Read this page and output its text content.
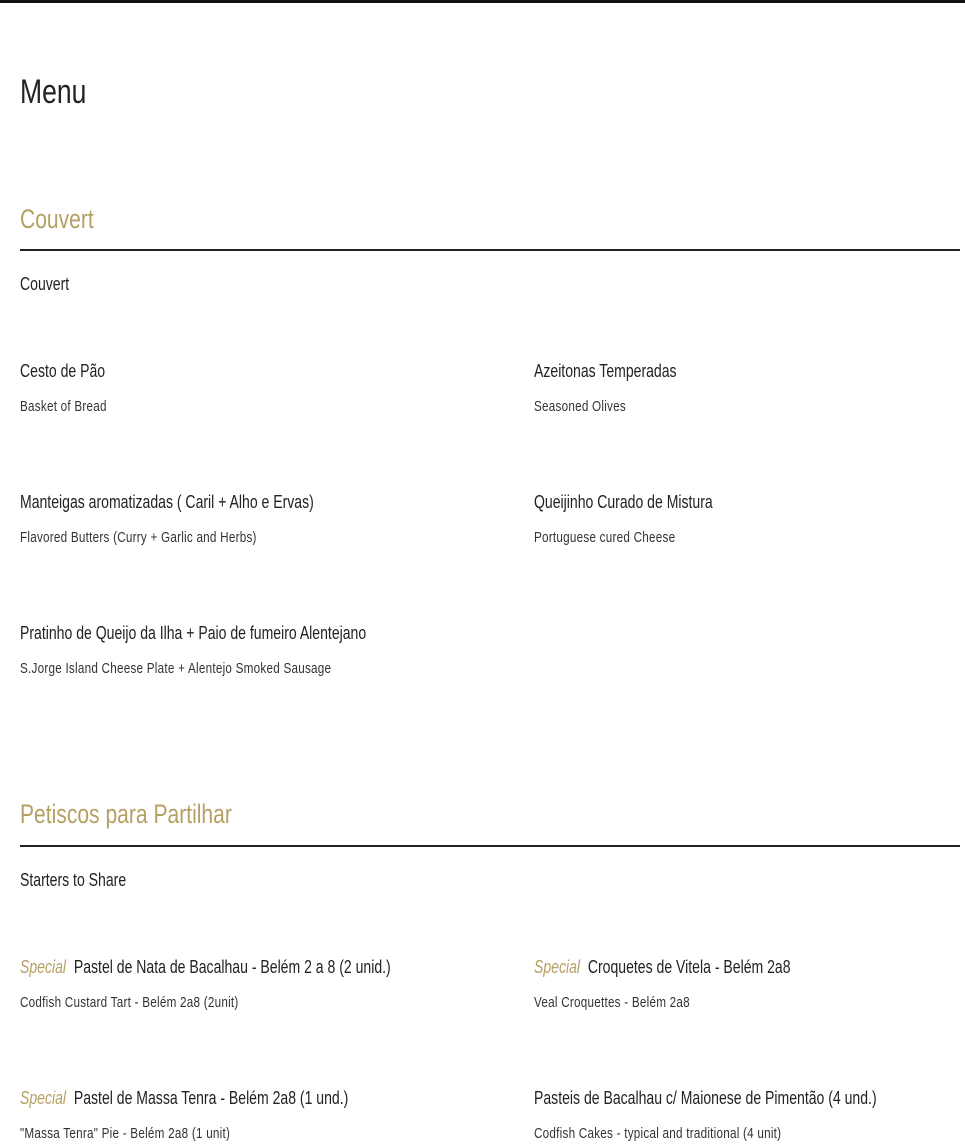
Menu
Couvert
Couvert
Cesto de Pão
Basket of Bread
Azeitonas Temperadas
Seasoned Olives
Manteigas aromatizadas ( Caril + Alho e Ervas)
Flavored Butters (Curry + Garlic and Herbs)
Queijinho Curado de Mistura
Portuguese cured Cheese
Pratinho de Queijo da Ilha + Paio de fumeiro Alentejano
S.Jorge Island Cheese Plate + Alentejo Smoked Sausage
Petiscos para Partilhar
Starters to Share
Special Pastel de Nata de Bacalhau - Belém 2 a 8 (2 unid.)
Codfish Custard Tart - Belém 2a8 (2unit)
Special Croquetes de Vitela - Belém 2a8
Veal Croquettes - Belém 2a8
Special Pastel de Massa Tenra - Belém 2a8 (1 und.)
"Massa Tenra" Pie - Belém 2a8 (1 unit)
Pasteis de Bacalhau c/ Maionese de Pimentão (4 und.)
Codfish Cakes - typical and traditional (4 unit)
